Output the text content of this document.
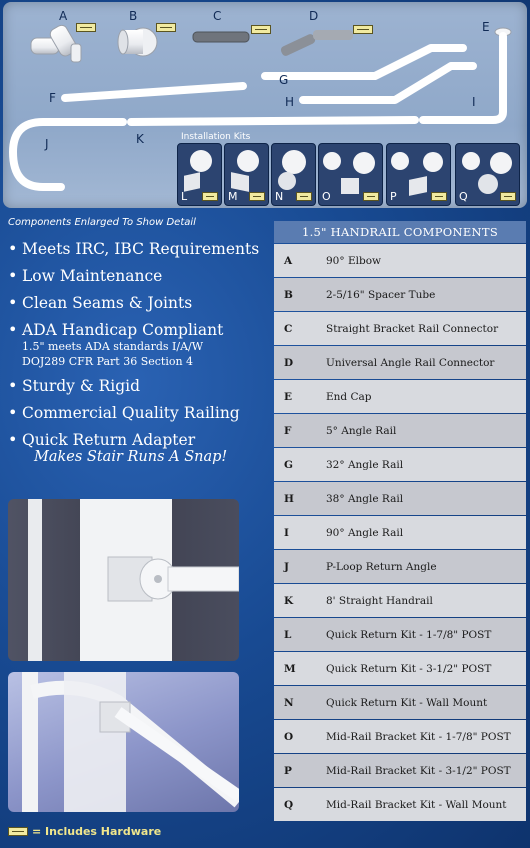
A	B	C	D
E
F
G
H	I
J	K	Installation Kits
L	M	N	O	P	Q
Components Enlarged To Show Detail
• Meets IRC, IBC Requirements
• Low Maintenance
• Clean Seams & Joints
• ADA Handicap Compliant
1.5" meets ADA standards I/A/W
DOJ289 CFR Part 36 Section 4
• Sturdy & Rigid
• Commercial Quality Railing
• Quick Return Adapter
Makes Stair Runs A Snap!
= Includes Hardware
1.5" HANDRAIL COMPONENTS
A	90° Elbow
B	2-5/16" Spacer Tube
C	Straight Bracket Rail Connector
D	Universal Angle Rail Connector
E	End Cap
F	5° Angle Rail
G	32° Angle Rail
H	38° Angle Rail
I	90° Angle Rail
J	P-Loop Return Angle
K	8' Straight Handrail
L	Quick Return Kit - 1-7/8" POST
M	Quick Return Kit - 3-1/2" POST
N	Quick Return Kit - Wall Mount
O	Mid-Rail Bracket Kit - 1-7/8" POST
P	Mid-Rail Bracket Kit - 3-1/2" POST
Q	Mid-Rail Bracket Kit - Wall Mount
